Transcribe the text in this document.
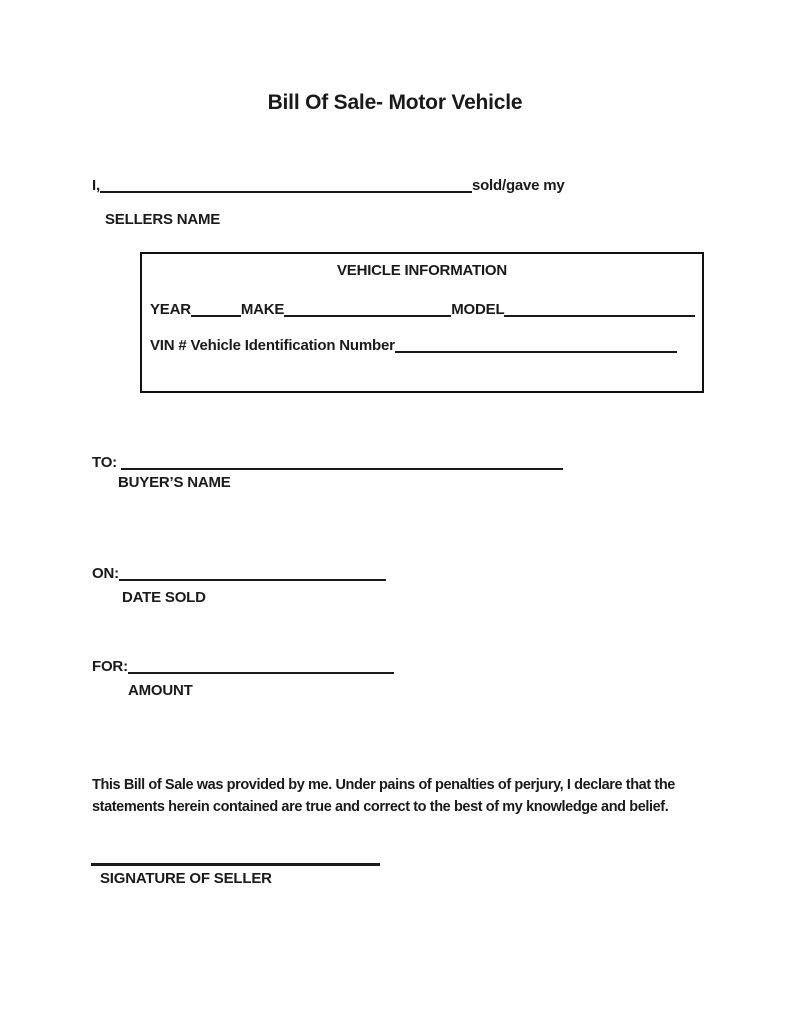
Bill Of Sale- Motor Vehicle
I,	sold/gave my
SELLERS NAME
VEHICLE INFORMATION
YEAR	MAKE	MODEL
VIN # Vehicle Identification Number
TO:
BUYER’S NAME
ON:
DATE SOLD
FOR:
AMOUNT
This Bill of Sale was provided by me. Under pains of penalties of perjury, I declare that the
statements herein contained are true and correct to the best of my knowledge and belief.
SIGNATURE OF SELLER
